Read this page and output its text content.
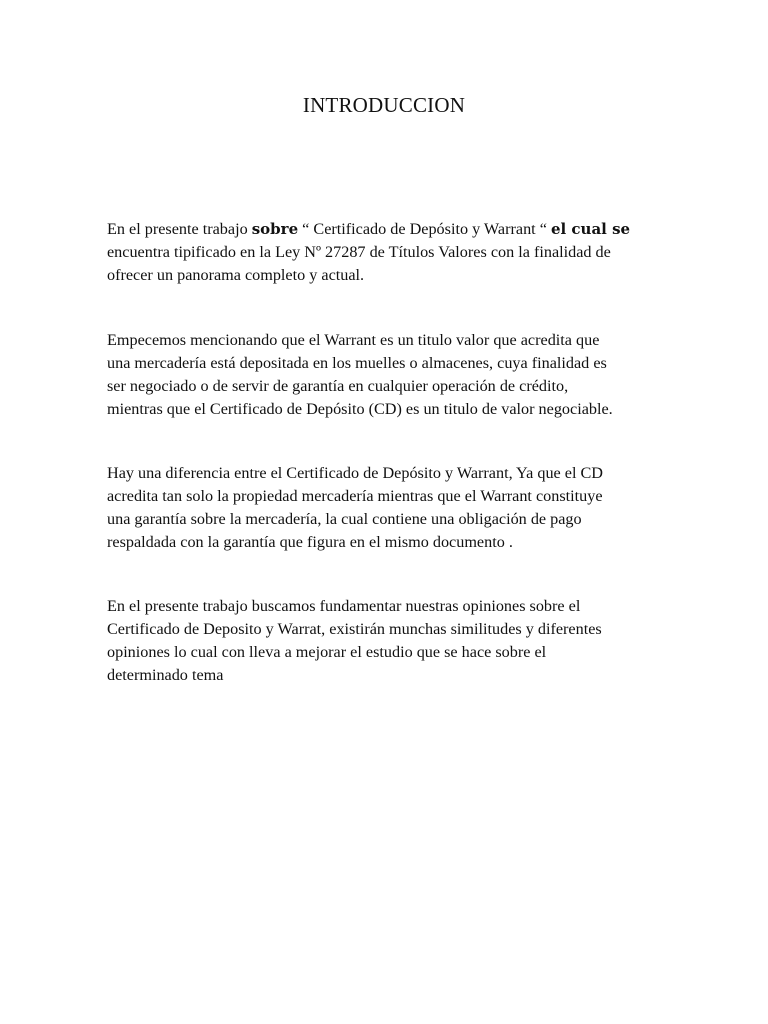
INTRODUCCION
En el presente trabajo sobre “ Certificado de Depósito y Warrant “ el cual se
encuentra tipificado en la Ley Nº 27287 de Títulos Valores con la finalidad de
ofrecer un panorama completo y actual.
Empecemos mencionando que el Warrant es un titulo valor que acredita que
una mercadería está depositada en los muelles o almacenes, cuya finalidad es
ser negociado o de servir de garantía en cualquier operación de crédito,
mientras que el Certificado de Depósito (CD) es un titulo de valor negociable.
Hay una diferencia entre el Certificado de Depósito y Warrant, Ya que el CD
acredita tan solo la propiedad mercadería mientras que el Warrant constituye
una garantía sobre la mercadería, la cual contiene una obligación de pago
respaldada con la garantía que figura en el mismo documento .
En el presente trabajo buscamos fundamentar nuestras opiniones sobre el
Certificado de Deposito y Warrat, existirán munchas similitudes y diferentes
opiniones lo cual con lleva a mejorar el estudio que se hace sobre el
determinado tema
